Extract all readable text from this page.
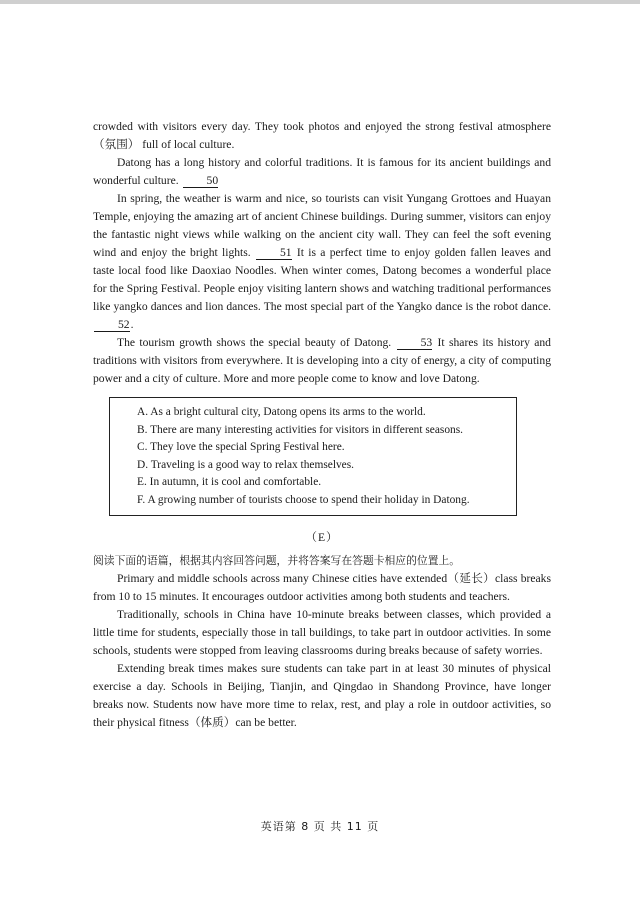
crowded with visitors every day. They took photos and enjoyed the strong festival atmosphere（氛围） full of local culture.

Datong has a long history and colorful traditions. It is famous for its ancient buildings and wonderful culture. 50

In spring, the weather is warm and nice, so tourists can visit Yungang Grottoes and Huayan Temple, enjoying the amazing art of ancient Chinese buildings. During summer, visitors can enjoy the fantastic night views while walking on the ancient city wall. They can feel the soft evening wind and enjoy the bright lights.	51 It is a perfect time to enjoy golden fallen leaves and taste local food like Daoxiao Noodles. When winter comes, Datong becomes a wonderful place for the Spring Festival. People enjoy visiting lantern shows and watching traditional performances like yangko dances and lion dances. The most special part of the Yangko dance is the robot dance. 52.

The tourism growth shows the special beauty of Datong.	53 It shares its history and traditions with visitors from everywhere. It is developing into a city of energy, a city of computing power and a city of culture. More and more people come to know and love Datong.

A. As a bright cultural city, Datong opens its arms to the world.
B. There are many interesting activities for visitors in different seasons.
C. They love the special Spring Festival here.
D. Traveling is a good way to relax themselves.
E. In autumn, it is cool and comfortable.
F. A growing number of tourists choose to spend their holiday in Datong.
（E）

阅读下面的语篇，根据其内容回答问题，并将答案写在答题卡相应的位置上。

Primary and middle schools across many Chinese cities have extended（延长）class breaks from 10 to 15 minutes. It encourages outdoor activities among both students and teachers.

Traditionally, schools in China have 10-minute breaks between classes, which provided a little time for students, especially those in tall buildings, to take part in outdoor activities. In some schools, students were stopped from leaving classrooms during breaks because of safety worries.

Extending break times makes sure students can take part in at least 30 minutes of physical exercise a day. Schools in Beijing, Tianjin, and Qingdao in Shandong Province, have longer breaks now. Students now have more time to relax, rest, and play a role in outdoor activities, so their physical fitness（体质）can be better.

英语第 8 页 共 11 页
